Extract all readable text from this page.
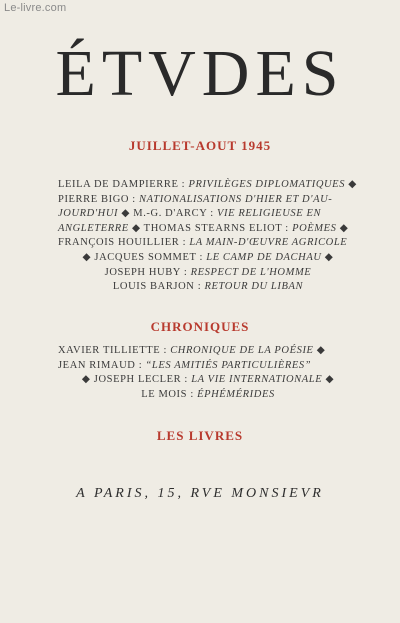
Le-livre.com
ÉTVDES
JUILLET-AOUT 1945
LEILA DE DAMPIERRE : PRIVILÈGES DIPLOMATIQUES ◆
PIERRE BIGO : NATIONALISATIONS D'HIER ET D'AU-
JOURD'HUI ◆ M.-G. D'ARCY : VIE RELIGIEUSE EN
ANGLETERRE ◆ THOMAS STEARNS ELIOT : POÈMES ◆
FRANÇOIS HOUILLIER : LA MAIN-D'ŒUVRE AGRICOLE
◆ JACQUES SOMMET : LE CAMP DE DACHAU ◆
JOSEPH HUBY : RESPECT DE L'HOMME
LOUIS BARJON : RETOUR DU LIBAN
CHRONIQUES
XAVIER TILLIETTE : CHRONIQUE DE LA POÉSIE ◆
JEAN RIMAUD : “LES AMITIÉS PARTICULIÈRES”
◆ JOSEPH LECLER : LA VIE INTERNATIONALE ◆
LE MOIS : ÉPHÉMÉRIDES
LES LIVRES
A PARIS, 15, RVE MONSIEVR
